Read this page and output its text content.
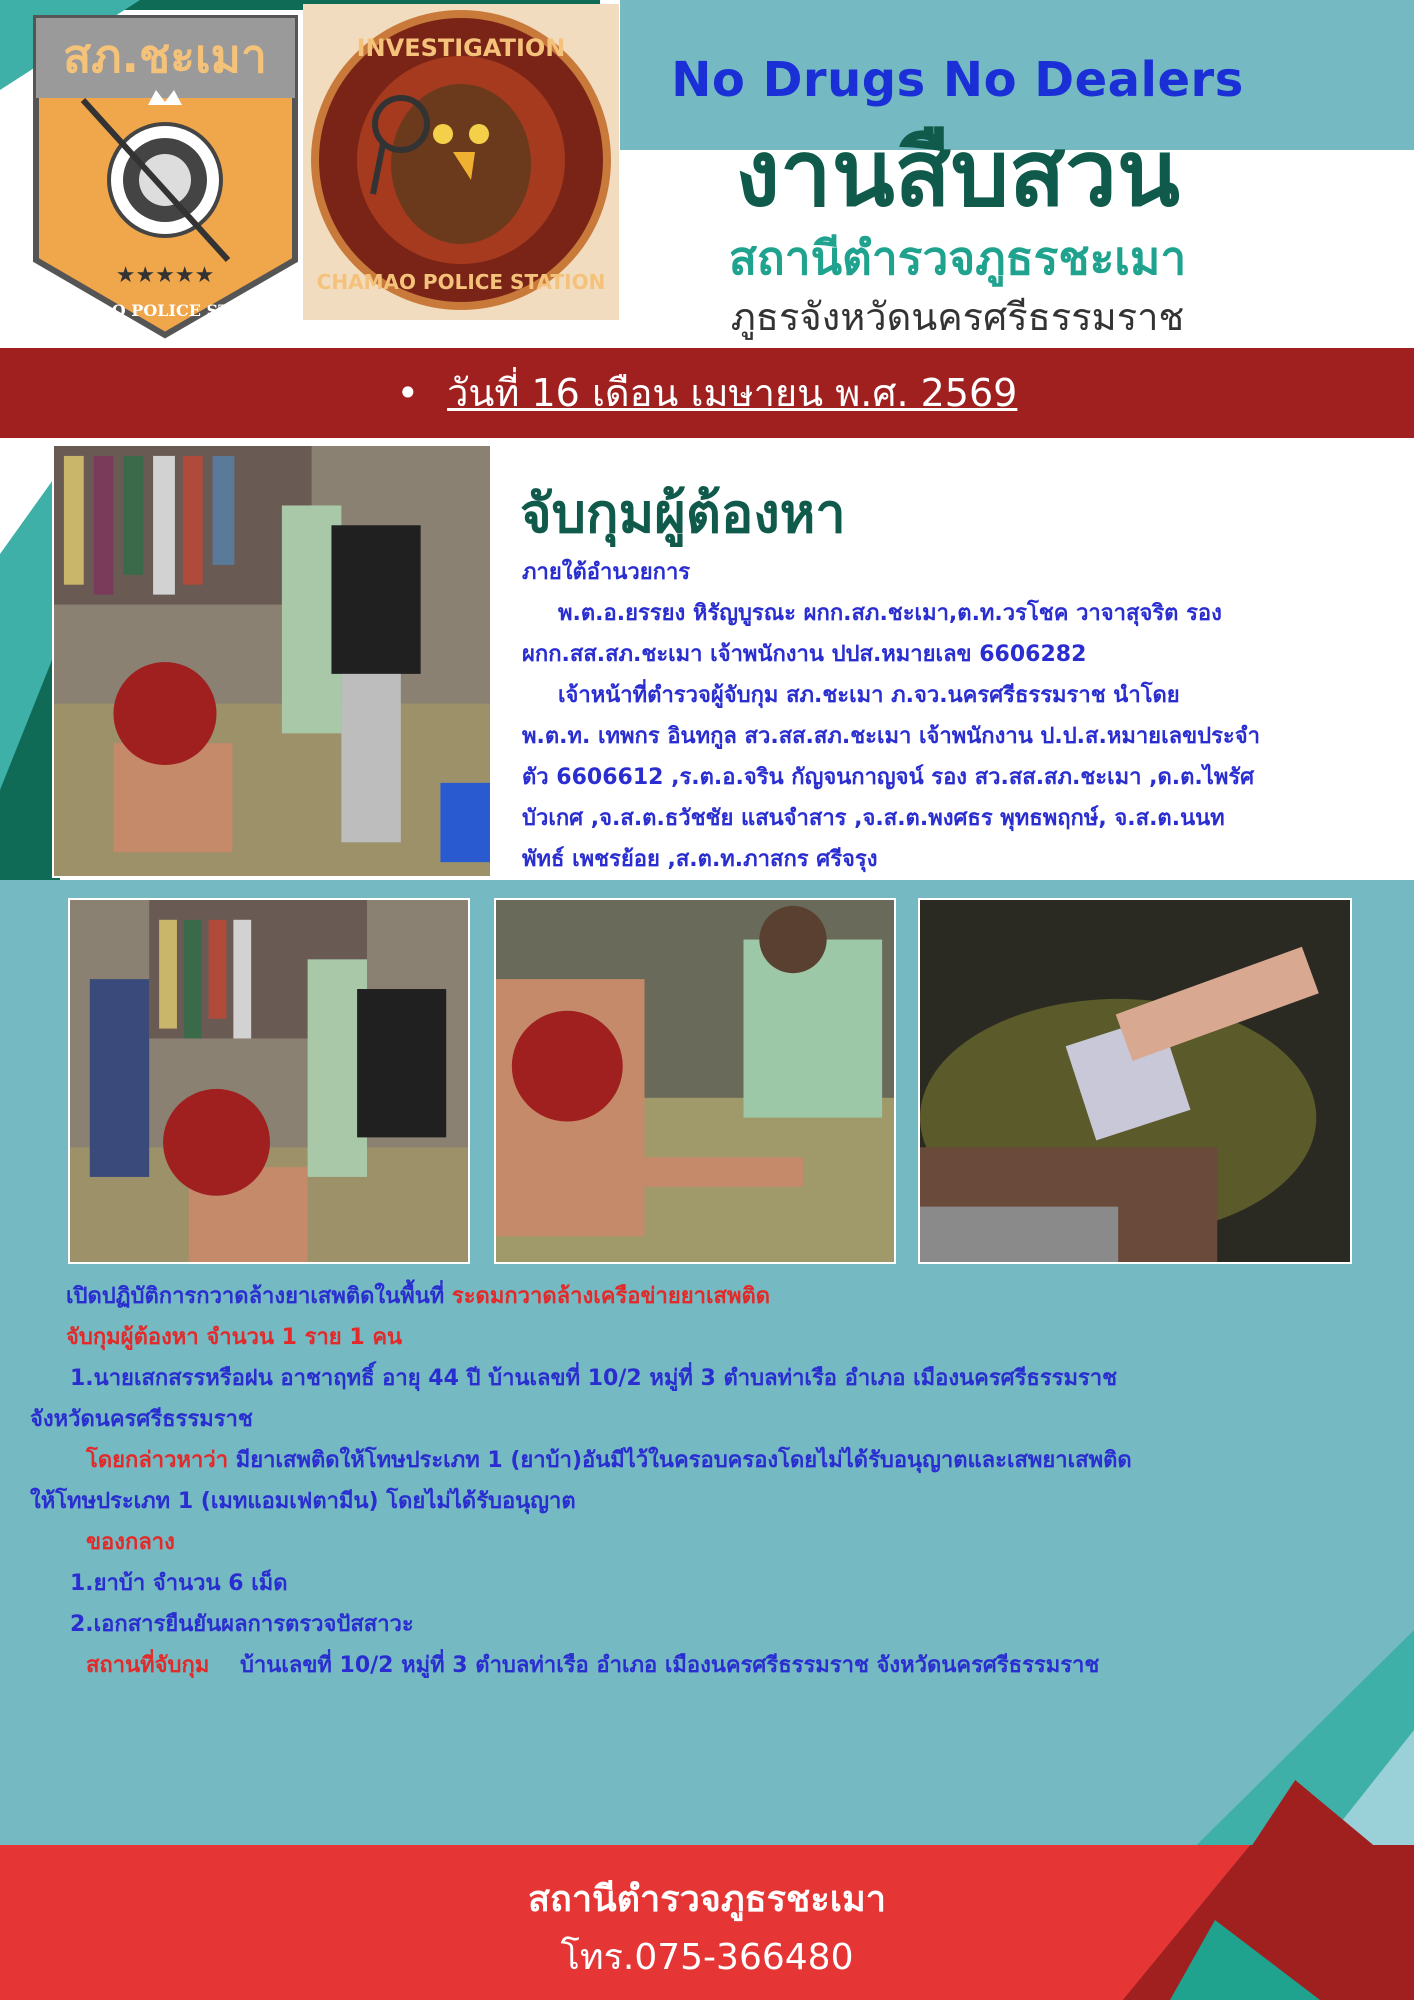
สภ.ชะเมา
★★★★★
CHAMAO POLICE STATION
INVESTIGATION
CHAMAO POLICE STATION
No Drugs No Dealers
งานสืบสวน
สถานีตำรวจภูธรชะเมา
ภูธรจังหวัดนครศรีธรรมราช
• วันที่ 16 เดือน เมษายน พ.ศ. 2569
จับกุมผู้ต้องหา

ภายใต้อำนวยการ

พ.ต.อ.ยรรยง หิรัญบูรณะ ผกก.สภ.ชะเมา,ต.ท.วรโชค วาจาสุจริต รอง

ผกก.สส.สภ.ชะเมา เจ้าพนักงาน ปปส.หมายเลข 6606282

เจ้าหน้าที่ตำรวจผู้จับกุม สภ.ชะเมา ภ.จว.นครศรีธรรมราช นำโดย

พ.ต.ท. เทพกร อินทกูล สว.สส.สภ.ชะเมา เจ้าพนักงาน ป.ป.ส.หมายเลขประจำ

ตัว 6606612 ,ร.ต.อ.จริน กัญจนกาญจน์ รอง สว.สส.สภ.ชะเมา ,ด.ต.ไพรัศ

บัวเกศ ,จ.ส.ต.ธวัชชัย แสนจำสาร ,จ.ส.ต.พงศธร พุทธพฤกษ์, จ.ส.ต.นนท

พัทธ์ เพชรย้อย ,ส.ต.ท.ภาสกร ศรีจรุง

เปิดปฏิบัติการกวาดล้างยาเสพติดในพื้นที่ ระดมกวาดล้างเครือข่ายยาเสพติด

จับกุมผู้ต้องหา จำนวน 1 ราย 1 คน

1.นายเสกสรรหรือฝน อาชาฤทธิ์ อายุ 44 ปี บ้านเลขที่ 10/2 หมู่ที่ 3 ตำบลท่าเรือ อำเภอ เมืองนครศรีธรรมราช

จังหวัดนครศรีธรรมราช

โดยกล่าวหาว่า มียาเสพติดให้โทษประเภท 1 (ยาบ้า)อันมีไว้ในครอบครองโดยไม่ได้รับอนุญาตและเสพยาเสพติด

ให้โทษประเภท 1 (เมทแอมเฟตามีน) โดยไม่ได้รับอนุญาต

ของกลาง

1.ยาบ้า จำนวน 6 เม็ด

2.เอกสารยืนยันผลการตรวจปัสสาวะ

สถานที่จับกุม บ้านเลขที่ 10/2 หมู่ที่ 3 ตำบลท่าเรือ อำเภอ เมืองนครศรีธรรมราช จังหวัดนครศรีธรรมราช

สถานีตำรวจภูธรชะเมา
โทร.075-366480
